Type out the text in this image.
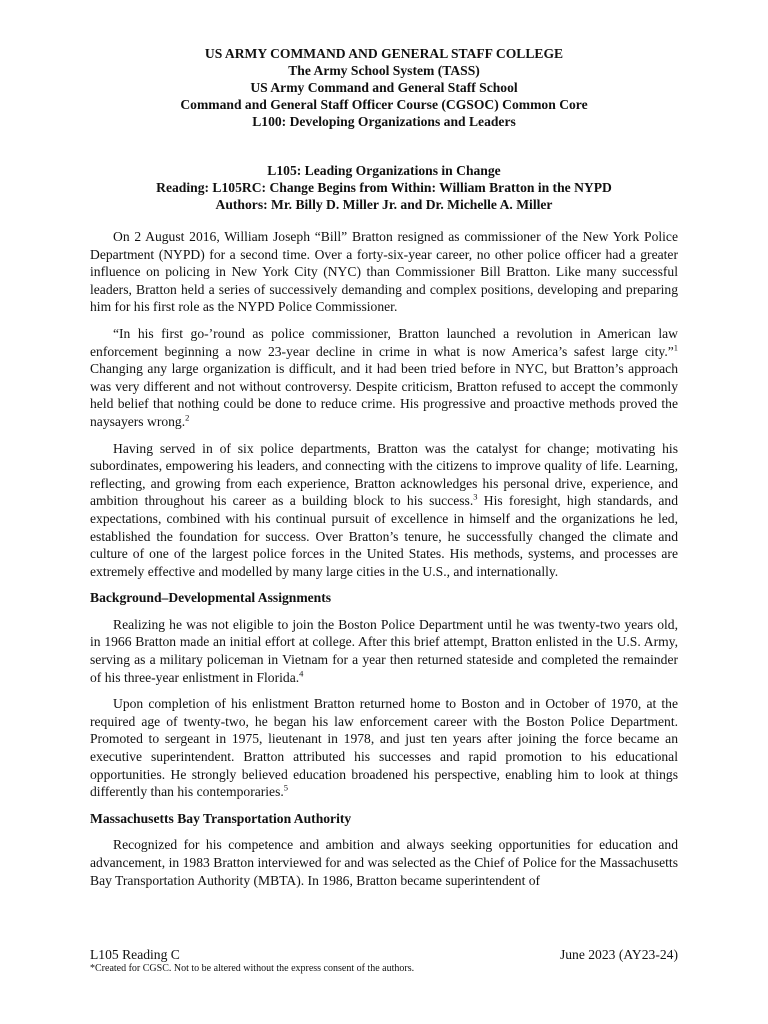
US ARMY COMMAND AND GENERAL STAFF COLLEGE
The Army School System (TASS)
US Army Command and General Staff School
Command and General Staff Officer Course (CGSOC) Common Core
L100: Developing Organizations and Leaders
L105: Leading Organizations in Change
Reading: L105RC: Change Begins from Within: William Bratton in the NYPD
Authors: Mr. Billy D. Miller Jr. and Dr. Michelle A. Miller

On 2 August 2016, William Joseph “Bill” Bratton resigned as commissioner of the New York Police Department (NYPD) for a second time. Over a forty-six-year career, no other police officer had a greater influence on policing in New York City (NYC) than Commissioner Bill Bratton. Like many successful leaders, Bratton held a series of successively demanding and complex positions, developing and preparing him for his first role as the NYPD Police Commissioner.

“In his first go-’round as police commissioner, Bratton launched a revolution in American law enforcement beginning a now 23-year decline in crime in what is now America’s safest large city.”$^1$ Changing any large organization is difficult, and it had been tried before in NYC, but Bratton’s approach was very different and not without controversy. Despite criticism, Bratton refused to accept the commonly held belief that nothing could be done to reduce crime. His progressive and proactive methods proved the naysayers wrong.$^2$

Having served in of six police departments, Bratton was the catalyst for change; motivating his subordinates, empowering his leaders, and connecting with the citizens to improve quality of life. Learning, reflecting, and growing from each experience, Bratton acknowledges his personal drive, experience, and ambition throughout his career as a building block to his success.$^3$ His foresight, high standards, and expectations, combined with his continual pursuit of excellence in himself and the organizations he led, established the foundation for success. Over Bratton’s tenure, he successfully changed the climate and culture of one of the largest police forces in the United States. His methods, systems, and processes are extremely effective and modelled by many large cities in the U.S., and internationally.

Background–Developmental Assignments

Realizing he was not eligible to join the Boston Police Department until he was twenty-two years old, in 1966 Bratton made an initial effort at college. After this brief attempt, Bratton enlisted in the U.S. Army, serving as a military policeman in Vietnam for a year then returned stateside and completed the remainder of his three-year enlistment in Florida.$^4$

Upon completion of his enlistment Bratton returned home to Boston and in October of 1970, at the required age of twenty-two, he began his law enforcement career with the Boston Police Department. Promoted to sergeant in 1975, lieutenant in 1978, and just ten years after joining the force became an executive superintendent. Bratton attributed his successes and rapid promotion to his educational opportunities. He strongly believed education broadened his perspective, enabling him to look at things differently than his contemporaries.$^5$

Massachusetts Bay Transportation Authority

Recognized for his competence and ambition and always seeking opportunities for education and advancement, in 1983 Bratton interviewed for and was selected as the Chief of Police for the Massachusetts Bay Transportation Authority (MBTA). In 1986, Bratton became superintendent of

L105 Reading C	June 2023 (AY23-24)
*Created for CGSC. Not to be altered without the express consent of the authors.
